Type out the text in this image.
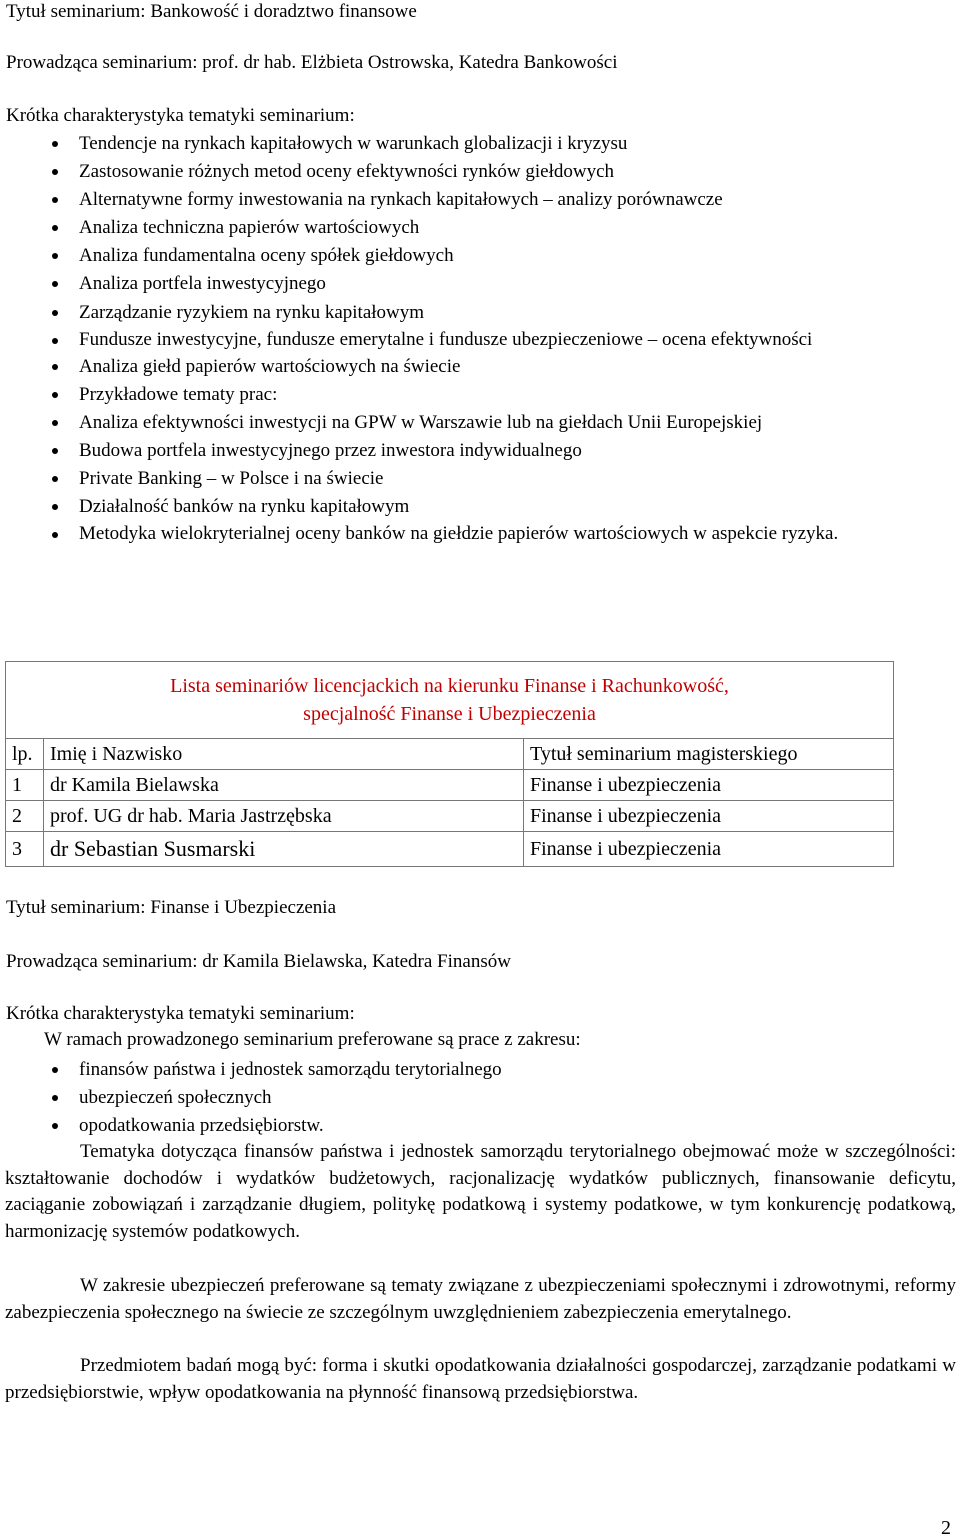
Tytuł seminarium: Bankowość i doradztwo finansowe
Prowadząca seminarium: prof. dr hab. Elżbieta Ostrowska, Katedra Bankowości
Krótka charakterystyka tematyki seminarium:
Tendencje na rynkach kapitałowych w warunkach globalizacji i kryzysu
Zastosowanie różnych metod oceny efektywności rynków giełdowych
Alternatywne formy inwestowania na rynkach kapitałowych – analizy porównawcze
Analiza techniczna papierów wartościowych
Analiza fundamentalna oceny spółek giełdowych
Analiza portfela inwestycyjnego
Zarządzanie ryzykiem na rynku kapitałowym
Fundusze inwestycyjne, fundusze emerytalne i fundusze ubezpieczeniowe – ocena efektywności
Analiza giełd papierów wartościowych na świecie
Przykładowe tematy prac:
Analiza efektywności inwestycji na GPW w Warszawie lub na giełdach Unii Europejskiej
Budowa portfela inwestycyjnego przez inwestora indywidualnego
Private Banking – w Polsce i na świecie
Działalność banków na rynku kapitałowym
Metodyka wielokryterialnej oceny banków na giełdzie papierów wartościowych w aspekcie ryzyka.
Lista seminariów licencjackich na kierunku Finanse i Rachunkowość,
specjalność Finanse i Ubezpieczenia		

lp.	Imię i Nazwisko	Tytuł seminarium magisterskiego
1	dr Kamila Bielawska	Finanse i ubezpieczenia
2	prof. UG dr hab. Maria Jastrzębska	Finanse i ubezpieczenia
3	dr Sebastian Susmarski	Finanse i ubezpieczenia
Tytuł seminarium: Finanse i Ubezpieczenia
Prowadząca seminarium: dr Kamila Bielawska, Katedra Finansów
Krótka charakterystyka tematyki seminarium:
W ramach prowadzonego seminarium preferowane są prace z zakresu:
finansów państwa i jednostek samorządu terytorialnego
ubezpieczeń społecznych
opodatkowania przedsiębiorstw.
Tematyka dotycząca finansów państwa i jednostek samorządu terytorialnego obejmować może w szczególności: kształtowanie dochodów i wydatków budżetowych, racjonalizację wydatków publicznych, finansowanie deficytu, zaciąganie zobowiązań i zarządzanie długiem, politykę podatkową i systemy podatkowe, w tym konkurencję podatkową, harmonizację systemów podatkowych.
W zakresie ubezpieczeń preferowane są tematy związane z ubezpieczeniami społecznymi i zdrowotnymi, reformy zabezpieczenia społecznego na świecie ze szczególnym uwzględnieniem zabezpieczenia emerytalnego.
Przedmiotem badań mogą być: forma i skutki opodatkowania działalności gospodarczej, zarządzanie podatkami w przedsiębiorstwie, wpływ opodatkowania na płynność finansową przedsiębiorstwa.
2
